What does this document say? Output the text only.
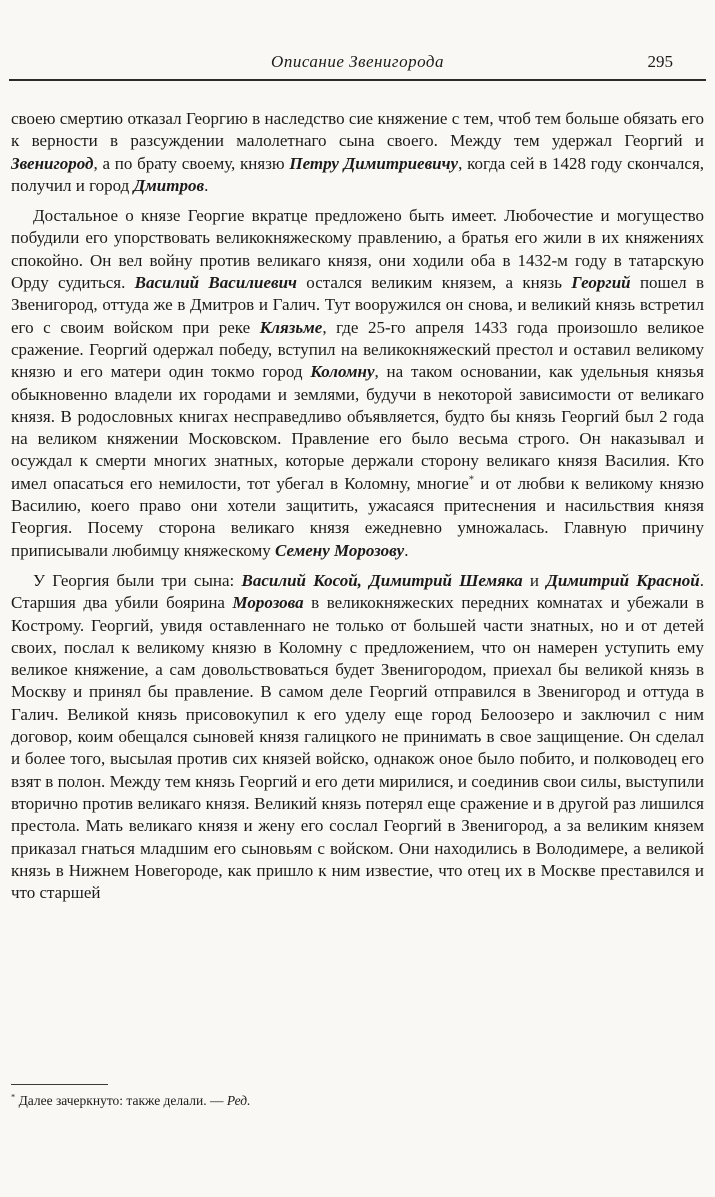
Описание Звенигорода	295

своею смертию отказал Георгию в наследство сие княжение с тем, чтоб тем больше обязать его к верности в разсуждении малолетнаго сына своего. Между тем удержал Георгий и Звенигород, а по брату своему, князю Петру Димитриевичу, когда сей в 1428 году скончался, получил и город Дмитров.

Достальное о князе Георгие вкратце предложено быть имеет. Любочестие и могущество побудили его упорствовать великокняжескому правлению, а братья его жили в их княжениях спокойно. Он вел войну против великаго князя, они ходили оба в 1432-м году в татарскую Орду судиться. Василий Василиевич остался великим князем, а князь Георгий пошел в Звенигород, оттуда же в Дмитров и Галич. Тут вооружился он снова, и великий князь встретил его с своим войском при реке Клязьме, где 25-го апреля 1433 года произошло великое сражение. Георгий одержал победу, вступил на великокняжеский престол и оставил великому князю и его матери один токмо город Коломну, на таком основании, как удельныя князья обыкновенно владели их городами и землями, будучи в некоторой зависимости от великаго князя. В родословных книгах несправедливо объявляется, будто бы князь Георгий был 2 года на великом княжении Московском. Правление его было весьма строго. Он наказывал и осуждал к смерти многих знатных, которые держали сторону великаго князя Василия. Кто имел опасаться его немилости, тот убегал в Коломну, многие* и от любви к великому князю Василию, коего право они хотели защитить, ужасаяся притеснения и насильствия князя Георгия. Посему сторона великаго князя ежедневно умножалась. Главную причину приписывали любимцу княжескому Семену Морозову.

У Георгия были три сына: Василий Косой, Димитрий Шемяка и Димитрий Красной. Старшия два убили боярина Морозова в великокняжеских передних комнатах и убежали в Кострому. Георгий, увидя оставленнаго не только от большей части знатных, но и от детей своих, послал к великому князю в Коломну с предложением, что он намерен уступить ему великое княжение, а сам довольствоваться будет Звенигородом, приехал бы великой князь в Москву и принял бы правление. В самом деле Георгий отправился в Звенигород и оттуда в Галич. Великой князь присовокупил к его уделу еще город Белоозеро и заключил с ним договор, коим обещался сыновей князя галицкого не принимать в свое защищение. Он сделал и более того, высылая против сих князей войско, однакож оное было побито, и полководец его взят в полон. Между тем князь Георгий и его дети мирилися, и соединив свои силы, выступили вторично против великаго князя. Великий князь потерял еще сражение и в другой раз лишился престола. Мать великаго князя и жену его сослал Георгий в Звенигород, а за великим князем приказал гнаться младшим его сыновьям с войском. Они находились в Володимере, а великой князь в Нижнем Новегороде, как пришло к ним известие, что отец их в Москве преставился и что старшей

* Далее зачеркнуто: также делали. — Ред.
